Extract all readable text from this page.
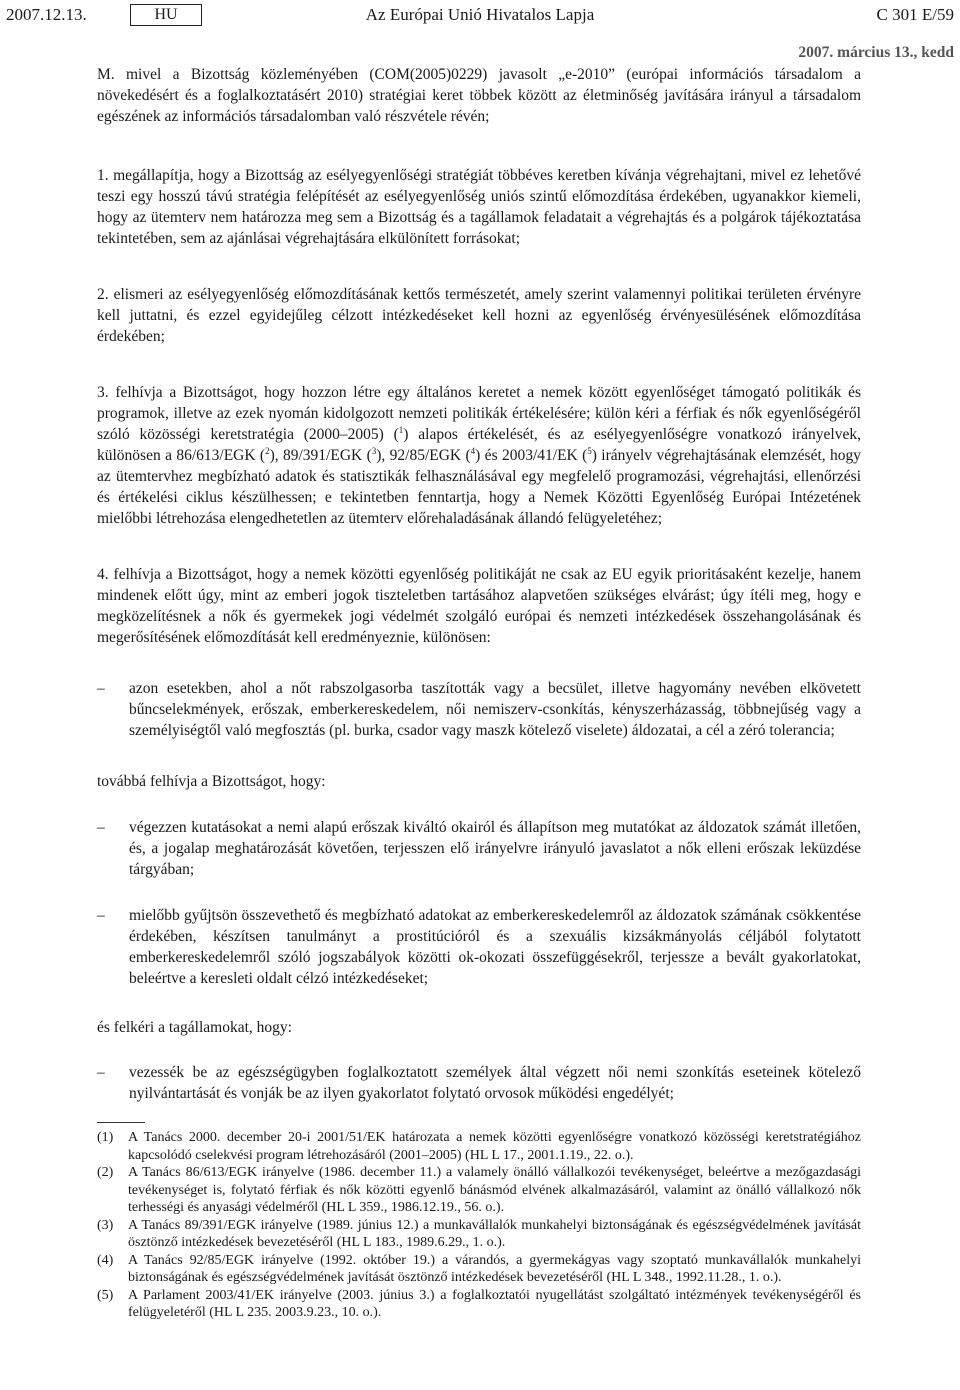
2007.12.13.	HU	Az Európai Unió Hivatalos Lapja	C 301 E/59
2007. március 13., kedd

M. mivel a Bizottság közleményében (COM(2005)0229) javasolt „e-2010” (európai információs társadalom a növekedésért és a foglalkoztatásért 2010) stratégiai keret többek között az életminőség javítására irányul a társadalom egészének az információs társadalomban való részvétele révén;

1. megállapítja, hogy a Bizottság az esélyegyenlőségi stratégiát többéves keretben kívánja végrehajtani, mivel ez lehetővé teszi egy hosszú távú stratégia felépítését az esélyegyenlőség uniós szintű előmozdítása érdekében, ugyanakkor kiemeli, hogy az ütemterv nem határozza meg sem a Bizottság és a tagállamok feladatait a végrehajtás és a polgárok tájékoztatása tekintetében, sem az ajánlásai végrehajtására elkülönített forrásokat;

2. elismeri az esélyegyenlőség előmozdításának kettős természetét, amely szerint valamennyi politikai területen érvényre kell juttatni, és ezzel egyidejűleg célzott intézkedéseket kell hozni az egyenlőség érvényesülésének előmozdítása érdekében;

3. felhívja a Bizottságot, hogy hozzon létre egy általános keretet a nemek között egyenlőséget támogató politikák és programok, illetve az ezek nyomán kidolgozott nemzeti politikák értékelésére; külön kéri a férfiak és nők egyenlőségéről szóló közösségi keretstratégia (2000–2005) ($^1$) alapos értékelését, és az esélyegyenlőségre vonatkozó irányelvek, különösen a 86/613/EGK ($^2$), 89/391/EGK ($^3$), 92/85/EGK ($^4$) és 2003/41/EK ($^5$) irányelv végrehajtásának elemzését, hogy az ütemtervhez megbízható adatok és statisztikák felhasználásával egy megfelelő programozási, végrehajtási, ellenőrzési és értékelési ciklus készülhessen; e tekintetben fenntartja, hogy a Nemek Közötti Egyenlőség Európai Intézetének mielőbbi létrehozása elengedhetetlen az ütemterv előrehaladásának állandó felügyeletéhez;

4. felhívja a Bizottságot, hogy a nemek közötti egyenlőség politikáját ne csak az EU egyik prioritásaként kezelje, hanem mindenek előtt úgy, mint az emberi jogok tiszteletben tartásához alapvetően szükséges elvárást; úgy ítéli meg, hogy e megközelítésnek a nők és gyermekek jogi védelmét szolgáló európai és nemzeti intézkedések összehangolásának és megerősítésének előmozdítását kell eredményeznie, különösen:

– azon esetekben, ahol a nőt rabszolgasorba taszították vagy a becsület, illetve hagyomány nevében elkövetett bűncselekmények, erőszak, emberkereskedelem, női nemiszerv-csonkítás, kényszerházasság, többnejűség vagy a személyiségtől való megfosztás (pl. burka, csador vagy maszk kötelező viselete) áldozatai, a cél a zéró tolerancia;

továbbá felhívja a Bizottságot, hogy:

– végezzen kutatásokat a nemi alapú erőszak kiváltó okairól és állapítson meg mutatókat az áldozatok számát illetően, és, a jogalap meghatározását követően, terjesszen elő irányelvre irányuló javaslatot a nők elleni erőszak leküzdése tárgyában;
– mielőbb gyűjtsön összevethető és megbízható adatokat az emberkereskedelemről az áldozatok számának csökkentése érdekében, készítsen tanulmányt a prostitúcióról és a szexuális kizsákmányolás céljából folytatott emberkereskedelemről szóló jogszabályok közötti ok-okozati összefüggésekről, terjessze a bevált gyakorlatokat, beleértve a keresleti oldalt célzó intézkedéseket;

és felkéri a tagállamokat, hogy:

– vezessék be az egészségügyben foglalkoztatott személyek által végzett női nemi szonkítás eseteinek kötelező nyilvántartását és vonják be az ilyen gyakorlatot folytató orvosok működési engedélyét;

(1) A Tanács 2000. december 20-i 2001/51/EK határozata a nemek közötti egyenlőségre vonatkozó közösségi keretstratégiához kapcsolódó cselekvési program létrehozásáról (2001–2005) (HL L 17., 2001.1.19., 22. o.).

(2) A Tanács 86/613/EGK irányelve (1986. december 11.) a valamely önálló vállalkozói tevékenységet, beleértve a mezőgazdasági tevékenységet is, folytató férfiak és nők közötti egyenlő bánásmód elvének alkalmazásáról, valamint az önálló vállalkozó nők terhességi és anyasági védelméről (HL L 359., 1986.12.19., 56. o.).

(3) A Tanács 89/391/EGK irányelve (1989. június 12.) a munkavállalók munkahelyi biztonságának és egészségvédelmének javítását ösztönző intézkedések bevezetéséről (HL L 183., 1989.6.29., 1. o.).

(4) A Tanács 92/85/EGK irányelve (1992. október 19.) a várandós, a gyermekágyas vagy szoptató munkavállalók munkahelyi biztonságának és egészségvédelmének javítását ösztönző intézkedések bevezetéséről (HL L 348., 1992.11.28., 1. o.).

(5) A Parlament 2003/41/EK irányelve (2003. június 3.) a foglalkoztatói nyugellátást szolgáltató intézmények tevékenységéről és felügyeletéről (HL L 235. 2003.9.23., 10. o.).
